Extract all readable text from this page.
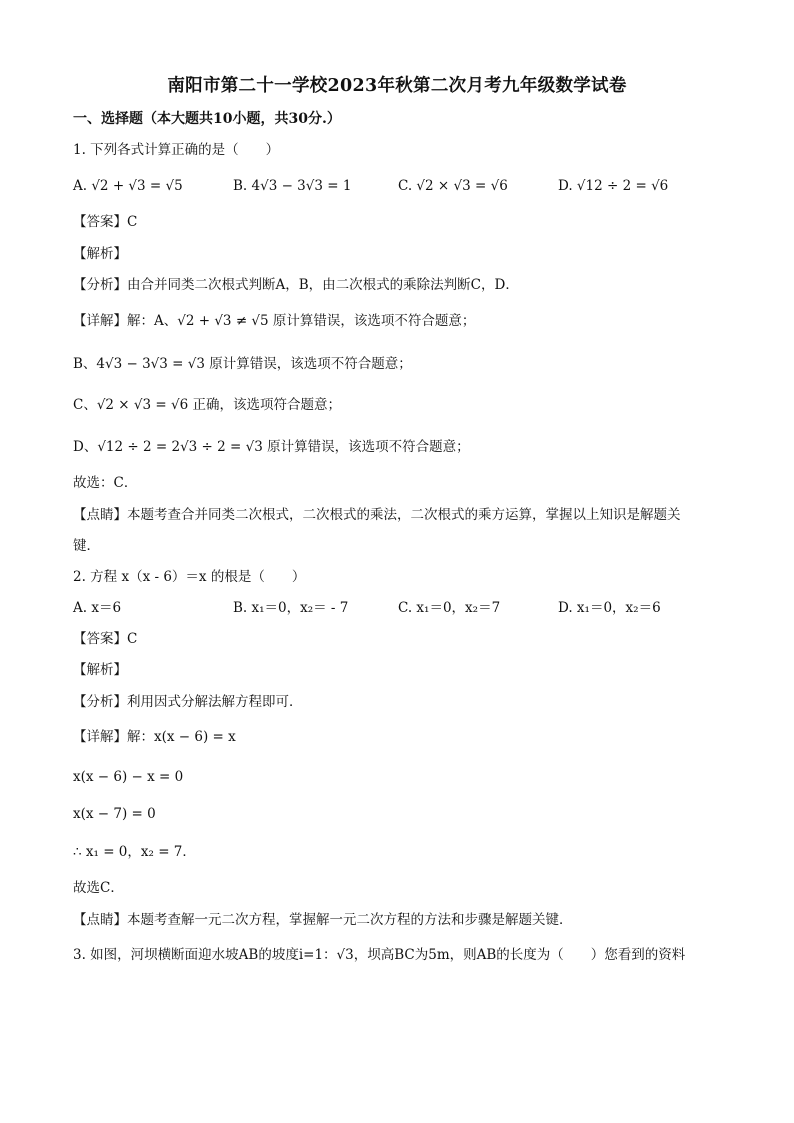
南阳市第二十一学校2023年秋第二次月考九年级数学试卷
一、选择题（本大题共10小题，共30分.）
1. 下列各式计算正确的是（　　）
A. √2 + √3 = √5	B. 4√3 − 3√3 = 1	C. √2 × √3 = √6	D. √12 ÷ 2 = √6
【答案】C
【解析】
【分析】由合并同类二次根式判断A，B，由二次根式的乘除法判断C，D．
【详解】解：A、√2 + √3 ≠ √5 原计算错误，该选项不符合题意；
B、4√3 − 3√3 = √3 原计算错误，该选项不符合题意；
C、√2 × √3 = √6 正确，该选项符合题意；
D、√12 ÷ 2 = 2√3 ÷ 2 = √3 原计算错误，该选项不符合题意；
故选：C．
【点睛】本题考查合并同类二次根式，二次根式的乘法，二次根式的乘方运算，掌握以上知识是解题关
键．
2. 方程 x（x - 6）＝x 的根是（　　）
A. x＝6	B. x₁＝0，x₂＝ - 7	C. x₁＝0，x₂＝7	D. x₁＝0，x₂＝6
【答案】C
【解析】
【分析】利用因式分解法解方程即可．
【详解】解：x(x − 6) = x
x(x − 6) − x = 0
x(x − 7) = 0
∴ x₁ = 0，x₂ = 7．
故选C．
【点睛】本题考查解一元二次方程，掌握解一元二次方程的方法和步骤是解题关键．
3. 如图，河坝横断面迎水坡AB的坡度i=1：√3，坝高BC为5m，则AB的长度为（　　）您看到的资料
